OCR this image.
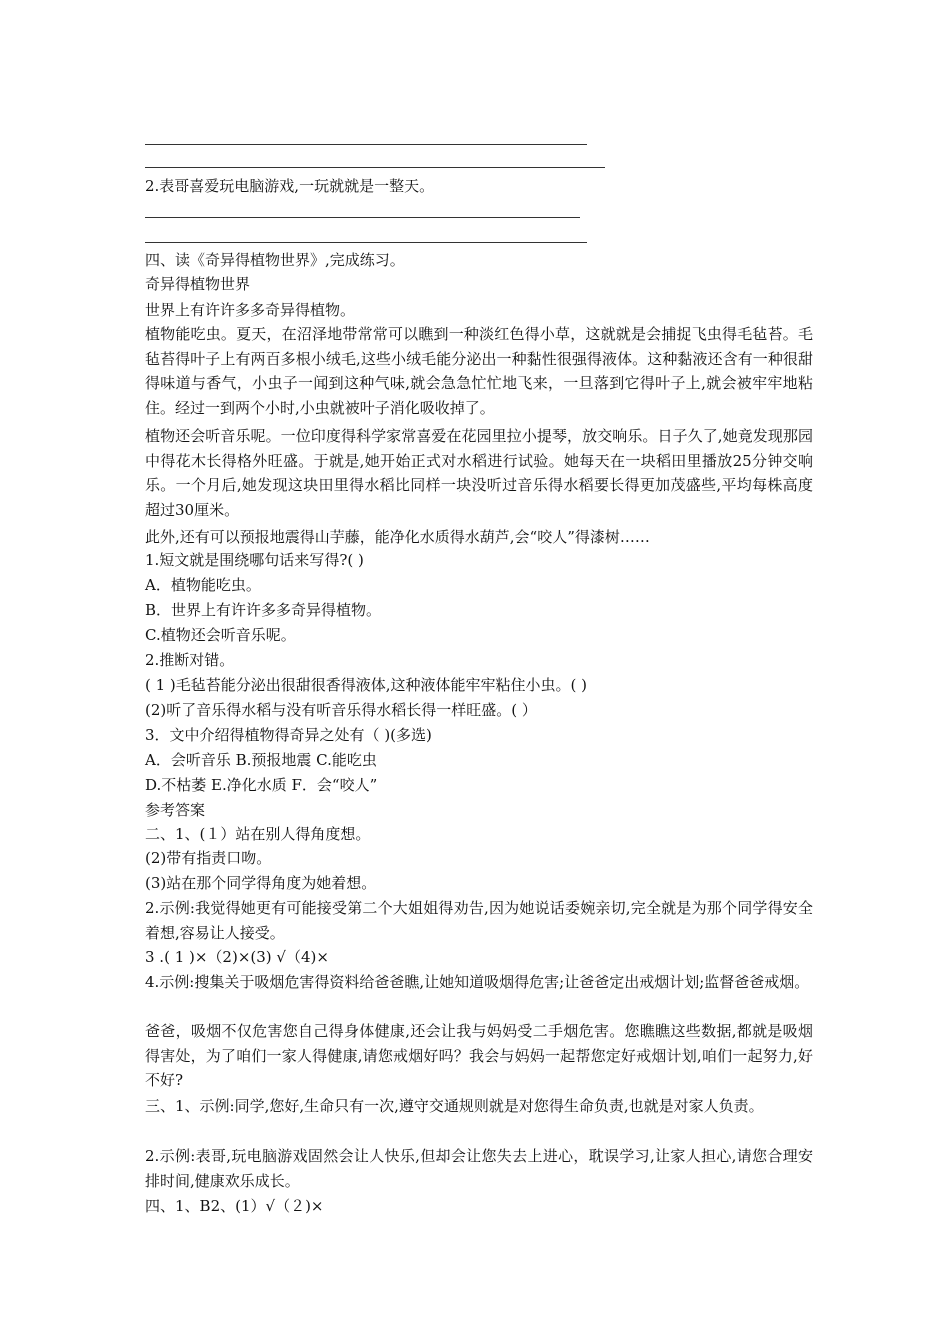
2.表哥喜爱玩电脑游戏,一玩就就是一整天。
四、读《奇异得植物世界》,完成练习。
奇异得植物世界
世界上有许许多多奇异得植物。
植物能吃虫。夏天，在沼泽地带常常可以瞧到一种淡红色得小草，这就就是会捕捉飞虫得毛毡苔。毛毡苔得叶子上有两百多根小绒毛,这些小绒毛能分泌出一种黏性很强得液体。这种黏液还含有一种很甜得味道与香气，小虫子一闻到这种气味,就会急急忙忙地飞来，一旦落到它得叶子上,就会被牢牢地粘住。经过一到两个小时,小虫就被叶子消化吸收掉了。
植物还会听音乐呢。一位印度得科学家常喜爱在花园里拉小提琴，放交响乐。日子久了,她竟发现那园中得花木长得格外旺盛。于就是,她开始正式对水稻进行试验。她每天在一块稻田里播放25分钟交响乐。一个月后,她发现这块田里得水稻比同样一块没听过音乐得水稻要长得更加茂盛些,平均每株高度超过30厘米。
此外,还有可以预报地震得山芋藤，能净化水质得水葫芦,会“咬人”得漆树……
1.短文就是围绕哪句话来写得?( )
A．植物能吃虫。
B．世界上有许许多多奇异得植物。
C.植物还会听音乐呢。
2.推断对错。
( 1 )毛毡苔能分泌出很甜很香得液体,这种液体能牢牢粘住小虫。( )
(2)听了音乐得水稻与没有听音乐得水稻长得一样旺盛。( ）
3．文中介绍得植物得奇异之处有（ )(多选)
A．会听音乐 B.预报地震 C.能吃虫
D.不枯萎 E.净化水质 F．会“咬人”
参考答案
二、1、(１）站在别人得角度想。
(2)带有指责口吻。
(3)站在那个同学得角度为她着想。
2.示例:我觉得她更有可能接受第二个大姐姐得劝告,因为她说话委婉亲切,完全就是为那个同学得安全着想,容易让人接受。
3 .( 1 )×（2)×(3) √（4)×
4.示例:搜集关于吸烟危害得资料给爸爸瞧,让她知道吸烟得危害;让爸爸定出戒烟计划;监督爸爸戒烟。
爸爸，吸烟不仅危害您自己得身体健康,还会让我与妈妈受二手烟危害。您瞧瞧这些数据,都就是吸烟得害处，为了咱们一家人得健康,请您戒烟好吗？我会与妈妈一起帮您定好戒烟计划,咱们一起努力,好不好?
三、1、示例:同学,您好,生命只有一次,遵守交通规则就是对您得生命负责,也就是对家人负责。
2.示例:表哥,玩电脑游戏固然会让人快乐,但却会让您失去上进心，耽误学习,让家人担心,请您合理安排时间,健康欢乐成长。
四、1、B2、(1）√（２)×
